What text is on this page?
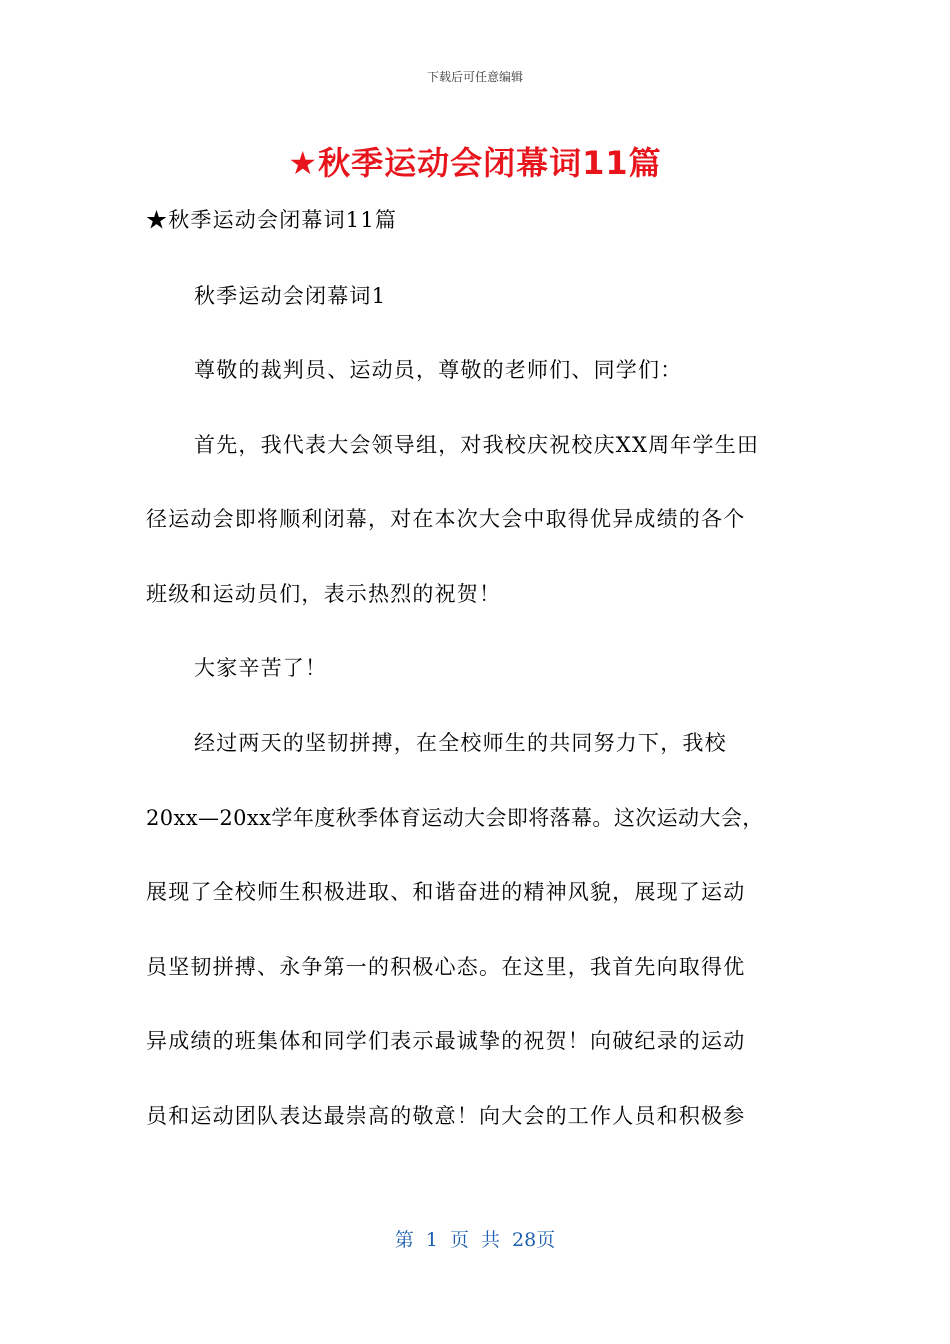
下载后可任意编辑
★秋季运动会闭幕词11篇
★秋季运动会闭幕词11篇
秋季运动会闭幕词1
尊敬的裁判员、运动员，尊敬的老师们、同学们：
首先，我代表大会领导组，对我校庆祝校庆XX周年学生田
径运动会即将顺利闭幕，对在本次大会中取得优异成绩的各个
班级和运动员们，表示热烈的祝贺！
大家辛苦了！
经过两天的坚韧拼搏，在全校师生的共同努力下，我校
20xx—20xx学年度秋季体育运动大会即将落幕。这次运动大会，
展现了全校师生积极进取、和谐奋进的精神风貌，展现了运动
员坚韧拼搏、永争第一的积极心态。在这里，我首先向取得优
异成绩的班集体和同学们表示最诚挚的祝贺！向破纪录的运动
员和运动团队表达最崇高的敬意！向大会的工作人员和积极参
第 1 页 共 28页
